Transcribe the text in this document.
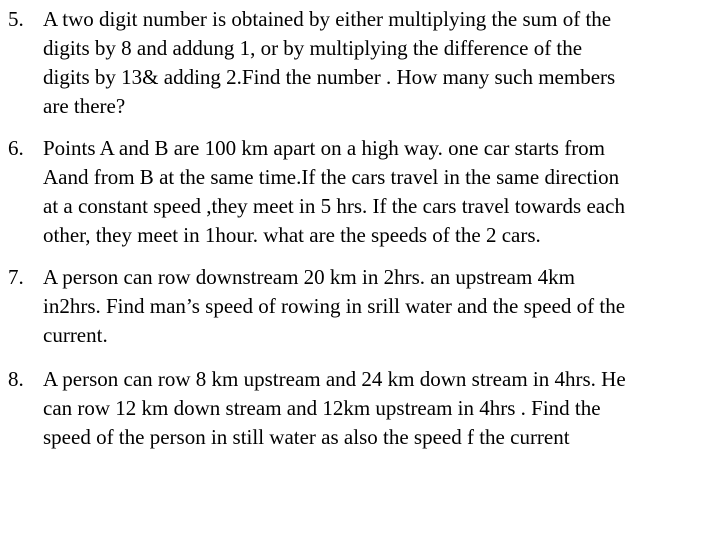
5. A two digit number is obtained by either multiplying the sum of the
digits by 8 and addung 1, or by multiplying the difference of the
digits by 13& adding 2.Find the number . How many such members
are there?
6. Points A and B are 100 km apart on a high way. one car starts from
Aand from B at the same time.If the cars travel in the same direction
at a constant speed ,they meet in 5 hrs. If the cars travel towards each
other, they meet in 1hour. what are the speeds of the 2 cars.
7. A person can row downstream 20 km in 2hrs. an upstream 4km
in2hrs. Find man’s speed of rowing in srill water and the speed of the
current.
8. A person can row 8 km upstream and 24 km down stream in 4hrs. He
can row 12 km down stream and 12km upstream in 4hrs . Find the
speed of the person in still water as also the speed f the current
